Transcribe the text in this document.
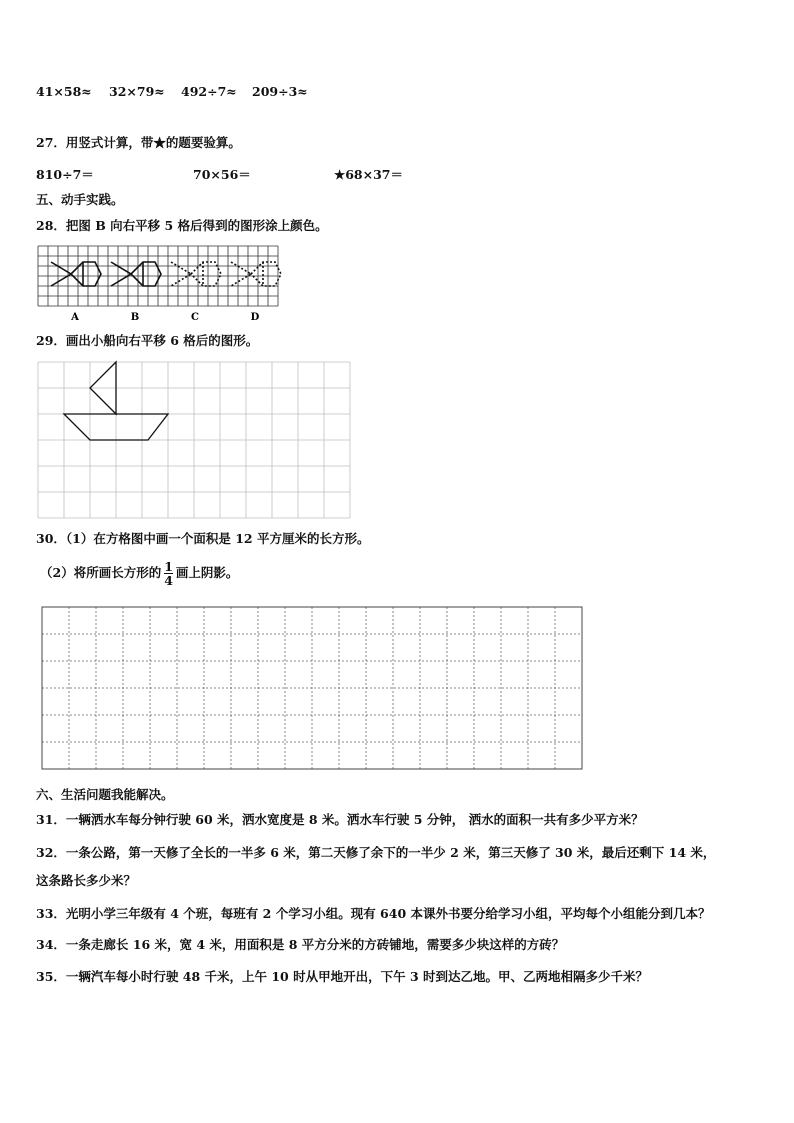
41×58≈ 32×79≈ 492÷7≈ 209÷3≈
27．用竖式计算，带★的题要验算。
810÷7＝	70×56＝	★68×37＝
五、动手实践。
28．把图 B 向右平移 5 格后得到的图形涂上颜色。
A	B	C	D
29．画出小船向右平移 6 格后的图形。
30．（1）在方格图中画一个面积是 12 平方厘米的长方形。
（2）将所画长方形的 $\frac{1}{4}$ 画上阴影。
六、生活问题我能解决。
31．一辆洒水车每分钟行驶 60 米，洒水宽度是 8 米。洒水车行驶 5 分钟， 洒水的面积一共有多少平方米？
32．一条公路，第一天修了全长的一半多 6 米，第二天修了余下的一半少 2 米，第三天修了 30 米，最后还剩下 14 米，
这条路长多少米？
33．光明小学三年级有 4 个班，每班有 2 个学习小组。现有 640 本课外书要分给学习小组，平均每个小组能分到几本？
34．一条走廊长 16 米，宽 4 米，用面积是 8 平方分米的方砖铺地，需要多少块这样的方砖？
35．一辆汽车每小时行驶 48 千米，上午 10 时从甲地开出，下午 3 时到达乙地。甲、乙两地相隔多少千米？
